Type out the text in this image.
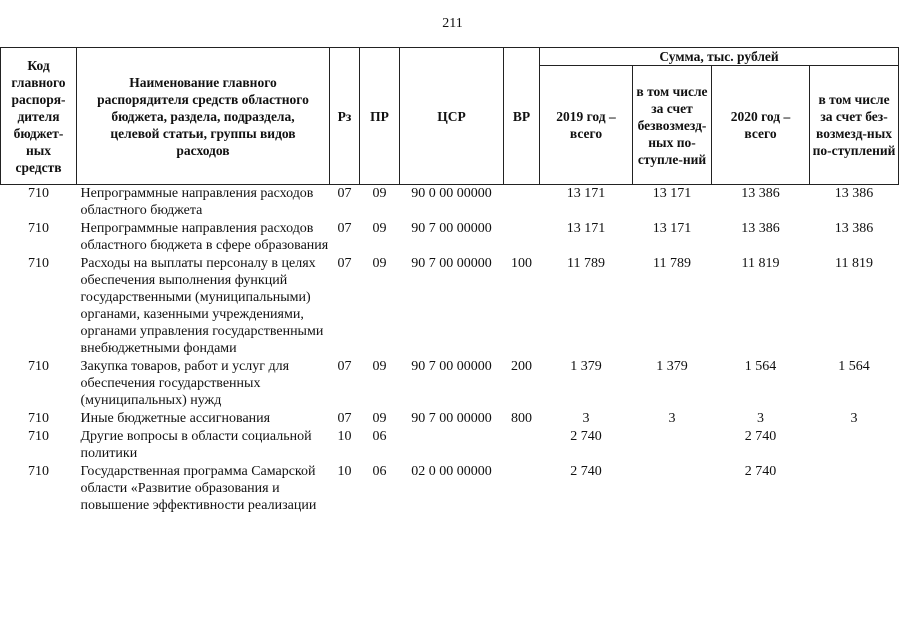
211
Код главного распоря-дителя бюджет-ных средств	Наименование главного распорядителя средств областного бюджета, раздела, подраздела, целевой статьи, группы видов расходов	Рз	ПР	ЦСР	ВР	Сумма, тыс. рублей			
						2019 год – всего	в том числе за счет безвозмезд-ных по-ступле-ний	2020 год – всего	в том числе за счет без-возмезд-ных по-ступлений
710	Непрограммные направления расходов областного бюджета	07	09	90 0 00 00000		13 171	13 171	13 386	13 386
710	Непрограммные направления расходов областного бюджета в сфере образования	07	09	90 7 00 00000		13 171	13 171	13 386	13 386
710	Расходы на выплаты персоналу в целях обеспечения выполнения функций государственными (муниципальными) органами, казенными учреждениями, органами управления государственными внебюджетными фондами	07	09	90 7 00 00000	100	11 789	11 789	11 819	11 819
710	Закупка товаров, работ и услуг для обеспечения государственных (муниципальных) нужд	07	09	90 7 00 00000	200	1 379	1 379	1 564	1 564
710	Иные бюджетные ассигнования	07	09	90 7 00 00000	800	3	3	3	3
710	Другие вопросы в области социальной политики	10	06			2 740		2 740	
710	Государственная программа Самарской области «Развитие образования и повышение эффективности реализации	10	06	02 0 00 00000		2 740		2 740	
